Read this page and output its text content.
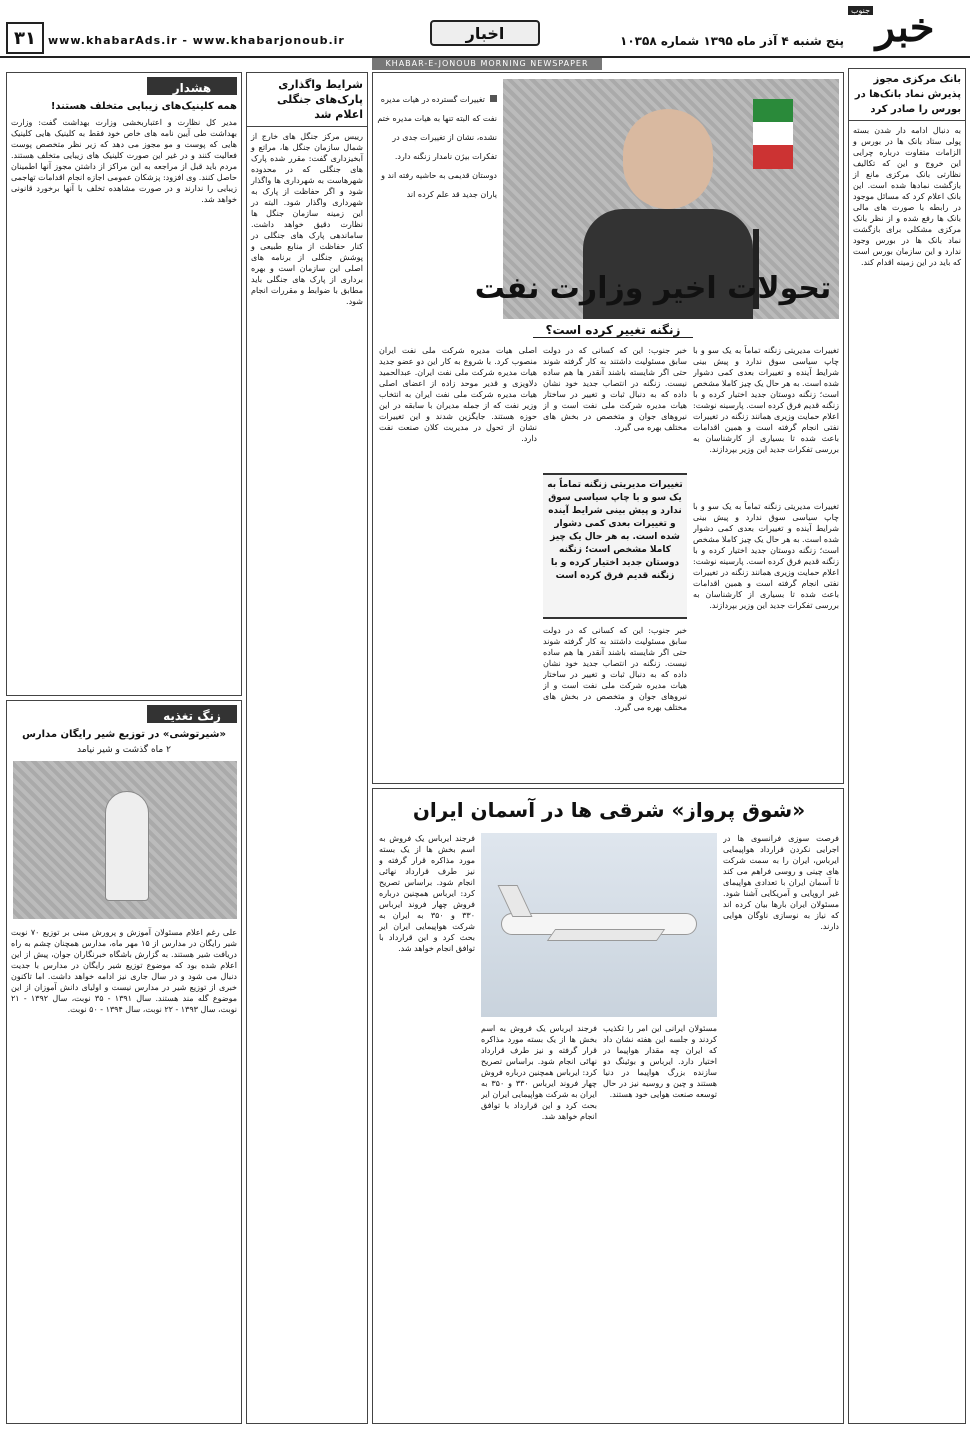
خبر
جنوب
پنج شنبه ۴ آذر ماه ۱۳۹۵ شماره ۱۰۳۵۸
اخبار
www.khabarAds.ir - www.khabarjonoub.ir
۳۱
KHABAR-E-JONOUB MORNING NEWSPAPER
بانک مرکزی مجوز پذیرش نماد بانک‌ها در بورس را صادر کرد
به دنبال ادامه دار شدن بسته پولی ستاد بانک ها در بورس و الزامات متفاوت درباره چرایی این خروج و این که تکالیف نظارتی بانک مرکزی مانع از بازگشت نمادها شده است. این بانک اعلام کرد که مسائل موجود در رابطه با صورت های مالی بانک ها رفع شده و از نظر بانک مرکزی مشکلی برای بازگشت نماد بانک ها در بورس وجود ندارد و این سازمان بورس است که باید در این زمینه اقدام کند.
تغییرات گسترده در هیات مدیره نفت که البته تنها به هیات مدیره ختم نشده، نشان از تغییرات جدی در تفکرات بیژن نامدار زنگنه دارد. دوستان قدیمی به حاشیه رفته اند و یاران جدید قد علم کرده اند
تحولات اخیر وزارت نفت
زنگنه تغییر کرده است؟
تغییرات مدیریتی زنگنه تماماً به یک سو و با چاپ سیاسی سوق ندارد و پیش بینی شرایط آینده و تغییرات بعدی کمی دشوار شده است. به هر حال یک چیز کاملا مشخص است؛ زنگنه دوستان جدید اختیار کرده و با زنگنه قدیم فرق کرده است. پارسینه نوشت: اعلام حمایت وزیری همانند زنگنه در تغییرات نفتی انجام گرفته است و همین اقدامات باعث شده تا بسیاری از کارشناسان به بررسی تفکرات جدید این وزیر بپردازند.
تغییرات مدیریتی زنگنه تماماً به یک سو و با چاپ سیاسی سوق ندارد و پیش بینی شرایط آینده و تغییرات بعدی کمی دشوار شده است. به هر حال یک چیز کاملا مشخص است؛ زنگنه دوستان جدید اختیار کرده و با زنگنه قدیم فرق کرده است
تغییرات مدیریتی زنگنه تماماً به یک سو و با چاپ سیاسی سوق ندارد و پیش بینی شرایط آینده و تغییرات بعدی کمی دشوار شده است. به هر حال یک چیز کاملا مشخص است؛ زنگنه دوستان جدید اختیار کرده و با زنگنه قدیم فرق کرده است. پارسینه نوشت: اعلام حمایت وزیری همانند زنگنه در تغییرات نفتی انجام گرفته است و همین اقدامات باعث شده تا بسیاری از کارشناسان به بررسی تفکرات جدید این وزیر بپردازند.
خبر جنوب: این که کسانی که در دولت سابق مسئولیت داشتند به کار گرفته شوند حتی اگر شایسته باشند آنقدر ها هم ساده نیست. زنگنه در انتصاب جدید خود نشان داده که به دنبال ثبات و تغییر در ساختار هیات مدیره شرکت ملی نفت است و از نیروهای جوان و متخصص در بخش های مختلف بهره می گیرد.
خبر جنوب: این که کسانی که در دولت سابق مسئولیت داشتند به کار گرفته شوند حتی اگر شایسته باشند آنقدر ها هم ساده نیست. زنگنه در انتصاب جدید خود نشان داده که به دنبال ثبات و تغییر در ساختار هیات مدیره شرکت ملی نفت است و از نیروهای جوان و متخصص در بخش های مختلف بهره می گیرد.
اصلی هیات مدیره شرکت ملی نفت ایران منصوب کرد. با شروع به کار این دو عضو جدید هیات مدیره شرکت ملی نفت ایران. عبدالحمید دلاویزی و قدیر موحد زاده از اعضای اصلی هیات مدیره شرکت ملی نفت ایران به انتخاب وزیر نفت که از جمله مدیران با سابقه در این حوزه هستند. جایگزین شدند و این تغییرات نشان از تحول در مدیریت کلان صنعت نفت دارد.
«شوق پرواز» شرقی ها در آسمان ایران
فرصت سوزی فرانسوی ها در اجرایی نکردن قرارداد هواپیمایی ایرباس، ایران را به سمت شرکت های چینی و روسی فراهم می کند تا آسمان ایران با تعدادی هواپیمای غیر اروپایی و آمریکایی آشنا شود. مسئولان ایران بارها بیان کرده اند که نیاز به نوسازی ناوگان هوایی دارند.
مسئولان ایرانی این امر را تکذیب کردند و جلسه این هفته نشان داد که ایران چه مقدار هواپیما در اختیار دارد. ایرباس و بوئینگ دو سازنده بزرگ هواپیما در دنیا هستند و چین و روسیه نیز در حال توسعه صنعت هوایی خود هستند.
فرجند ایرباس یک فروش به اسم بخش ها از یک بسته مورد مذاکره قرار گرفته و نیز طرف قرارداد نهائی انجام شود. براساس تصریح کرد: ایرباس همچنین درباره فروش چهار فروند ایرباس ۳۳۰ و ۳۵۰ به ایران به شرکت هواپیمایی ایران ایر بحث کرد و این قرارداد با توافق انجام خواهد شد.
فرجند ایرباس یک فروش به اسم بخش ها از یک بسته مورد مذاکره قرار گرفته و نیز طرف قرارداد نهائی انجام شود. براساس تصریح کرد: ایرباس همچنین درباره فروش چهار فروند ایرباس ۳۳۰ و ۳۵۰ به ایران به شرکت هواپیمایی ایران ایر بحث کرد و این قرارداد با توافق انجام خواهد شد.
شرایط واگذاری پارک‌های جنگلی اعلام شد
رییس مرکز جنگل های خارج از شمال سازمان جنگل ها، مراتع و آبخیزداری گفت: مقرر شده پارک های جنگلی که در محدوده شهرهاست به شهرداری ها واگذار شود و اگر حفاظت از پارک به شهرداری واگذار شود. البته در این زمینه سازمان جنگل ها نظارت دقیق خواهد داشت. ساماندهی پارک های جنگلی در کنار حفاظت از منابع طبیعی و پوشش جنگلی از برنامه های اصلی این سازمان است و بهره برداری از پارک های جنگلی باید مطابق با ضوابط و مقررات انجام شود.
هشدار
همه کلینیک‌های زیبایی متخلف هستند!
مدیر کل نظارت و اعتباربخشی وزارت بهداشت گفت: وزارت بهداشت طی آیین نامه های خاص خود فقط به کلینیک هایی کلینیک هایی که پوست و مو مجوز می دهد که زیر نظر متخصص پوست فعالیت کنند و در غیر این صورت کلینیک های زیبایی متخلف هستند. مردم باید قبل از مراجعه به این مراکز از داشتن مجوز آنها اطمینان حاصل کنند. وی افزود: پزشکان عمومی اجازه انجام اقدامات تهاجمی زیبایی را ندارند و در صورت مشاهده تخلف با آنها برخورد قانونی خواهد شد.
زنگ تغذیه
«شیرتوشی» در توزیع شیر رایگان مدارس
۲ ماه گذشت و شیر نیامد
علی رغم اعلام مسئولان آموزش و پرورش مبنی بر توزیع ۷۰ نوبت شیر رایگان در مدارس از ۱۵ مهر ماه، مدارس همچنان چشم به راه دریافت شیر هستند. به گزارش باشگاه خبرنگاران جوان، پیش از این اعلام شده بود که موضوع توزیع شیر رایگان در مدارس با جدیت دنبال می شود و در سال جاری نیز ادامه خواهد داشت. اما تاکنون خبری از توزیع شیر در مدارس نیست و اولیای دانش آموزان از این موضوع گله مند هستند. سال ۱۳۹۱ - ۳۵ نوبت، سال ۱۳۹۲ - ۲۱ نوبت، سال ۱۳۹۳ - ۲۲ نوبت، سال ۱۳۹۴ - ۵۰ نوبت.
